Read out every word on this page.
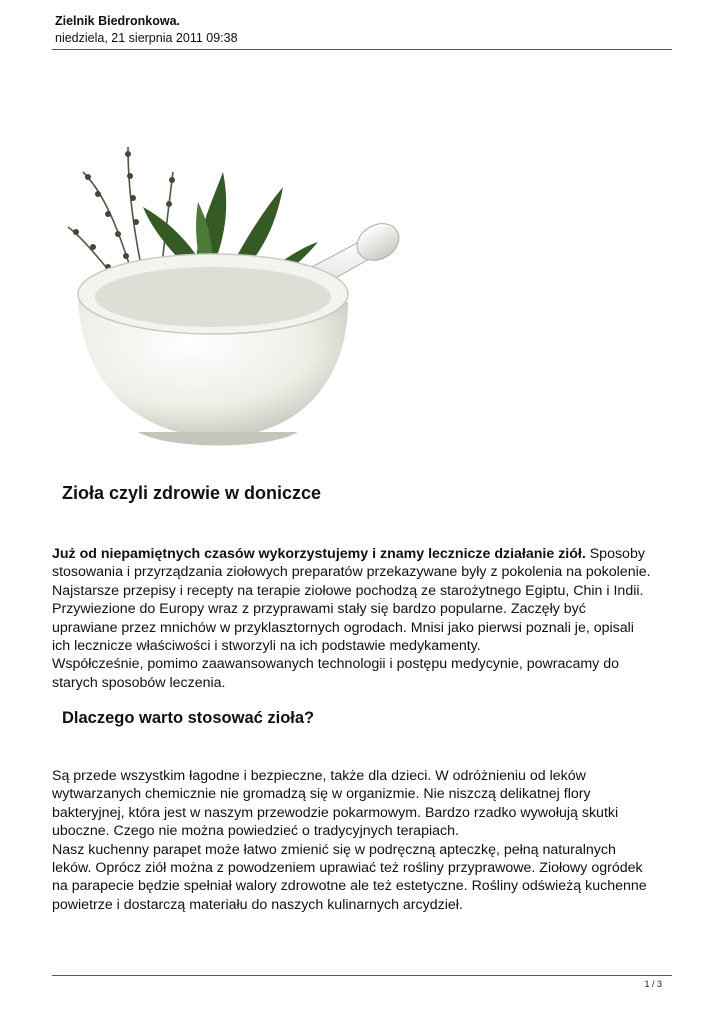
Zielnik Biedronkowa.
niedziela, 21 sierpnia 2011 09:38
Zioła czyli zdrowie w doniczce

Już od niepamiętnych czasów wykorzystujemy i znamy lecznicze działanie ziół. Sposoby

stosowania i przyrządzania ziołowych preparatów przekazywane były z pokolenia na pokolenie.

Najstarsze przepisy i recepty na terapie ziołowe pochodzą ze starożytnego Egiptu, Chin i Indii.

Przywiezione do Europy wraz z przyprawami stały się bardzo popularne. Zaczęły być

uprawiane przez mnichów w przyklasztornych ogrodach. Mnisi jako pierwsi poznali je, opisali

ich lecznicze właściwości i stworzyli na ich podstawie medykamenty.

Współcześnie, pomimo zaawansowanych technologii i postępu medycynie, powracamy do

starych sposobów leczenia.

Dlaczego warto stosować zioła?

Są przede wszystkim łagodne i bezpieczne, także dla dzieci. W odróżnieniu od leków

wytwarzanych chemicznie nie gromadzą się w organizmie. Nie niszczą delikatnej flory

bakteryjnej, która jest w naszym przewodzie pokarmowym. Bardzo rzadko wywołują skutki

uboczne. Czego nie można powiedzieć o tradycyjnych terapiach.

Nasz kuchenny parapet może łatwo zmienić się w podręczną apteczkę, pełną naturalnych

leków. Oprócz ziół można z powodzeniem uprawiać też rośliny przyprawowe. Ziołowy ogródek

na parapecie będzie spełniał walory zdrowotne ale też estetyczne. Rośliny odświeżą kuchenne

powietrze i dostarczą materiału do naszych kulinarnych arcydzieł.

1 / 3
